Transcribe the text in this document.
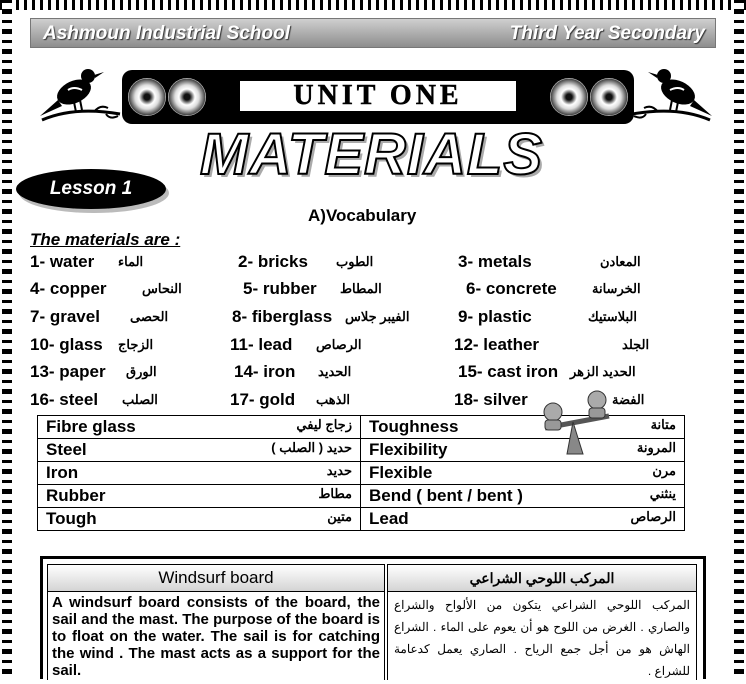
Ashmoun Industrial School	Third Year Secondary
UNIT ONE
MATERIALS
Lesson 1
A)Vocabulary
The materials are :
1- water الماء	2- bricks الطوب	3- metals	المعادن
4- copper	النحاس	5- rubber المطاط	6- concrete	الخرسانة
7- gravel الحصى	8- fiberglass الفيبر جلاس	9- plastic	البلاستيك
10- glass الزجاج	11- lead الرصاص	12- leather	الجلد
13- paper الورق	14- iron الحديد	15- cast iron الحديد الزهر
16- steel الصلب	17- gold الذهب	18- silver	الفضة
Fibre glass زجاج ليفي	Toughness متانة

Steel حديد ( الصلب )	Flexibility المرونة

Iron حديد	Flexible مرن

Rubber مطاط	Bend ( bent / bent ) ينثني

Tough متين	Lead الرصاص
Windsurf board
A windsurf board consists of the board, the sail and the mast. The purpose of the board is to float on the water. The sail is for catching the wind . The mast acts as a support for the sail.
المركب اللوحي الشراعي
المركب اللوحي الشراعي يتكون من الألواح والشراع والصاري . الغرض من اللوح هو أن يعوم على الماء . الشراع الهاش هو من أجل جمع الرياح . الصاري يعمل كدعامة للشراع .
